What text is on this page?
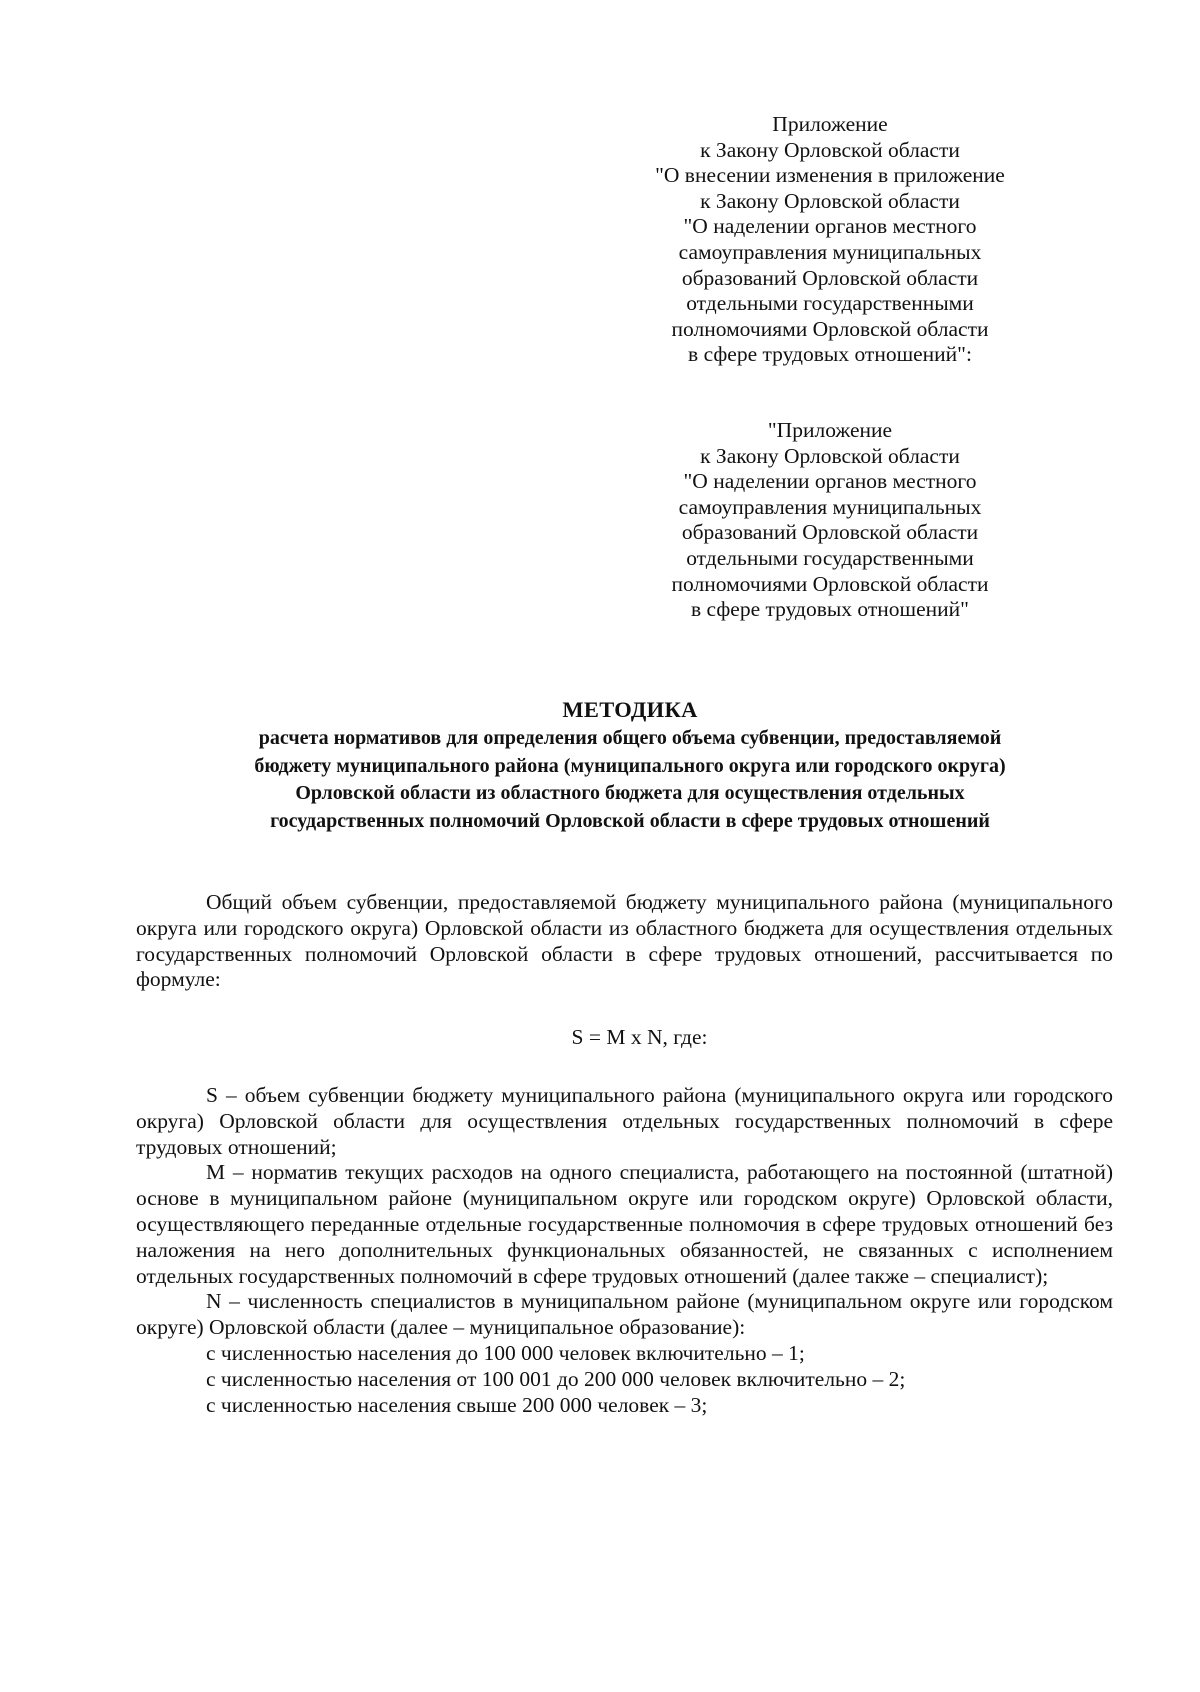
Приложение
к Закону Орловской области
"О внесении изменения в приложение
к Закону Орловской области
"О наделении органов местного
самоуправления муниципальных
образований Орловской области
отдельными государственными
полномочиями Орловской области
в сфере трудовых отношений":
"Приложение
к Закону Орловской области
"О наделении органов местного
самоуправления муниципальных
образований Орловской области
отдельными государственными
полномочиями Орловской области
в сфере трудовых отношений"
МЕТОДИКА
расчета нормативов для определения общего объема субвенции, предоставляемой
бюджету муниципального района (муниципального округа или городского округа)
Орловской области из областного бюджета для осуществления отдельных
государственных полномочий Орловской области в сфере трудовых отношений

Общий объем субвенции, предоставляемой бюджету муниципального района (муниципального округа или городского округа) Орловской области из областного бюджета для осуществления отдельных государственных полномочий Орловской области в сфере трудовых отношений, рассчитывается по формуле:

S = M x N, где:

S – объем субвенции бюджету муниципального района (муниципального округа или городского округа) Орловской области для осуществления отдельных государственных полномочий в сфере трудовых отношений;

M – норматив текущих расходов на одного специалиста, работающего на постоянной (штатной) основе в муниципальном районе (муниципальном округе или городском округе) Орловской области, осуществляющего переданные отдельные государственные полномочия в сфере трудовых отношений без наложения на него дополнительных функциональных обязанностей, не связанных с исполнением отдельных государственных полномочий в сфере трудовых отношений (далее также – специалист);

N – численность специалистов в муниципальном районе (муниципальном округе или городском округе) Орловской области (далее – муниципальное образование):

с численностью населения до 100 000 человек включительно – 1;

с численностью населения от 100 001 до 200 000 человек включительно – 2;

с численностью населения свыше 200 000 человек – 3;
